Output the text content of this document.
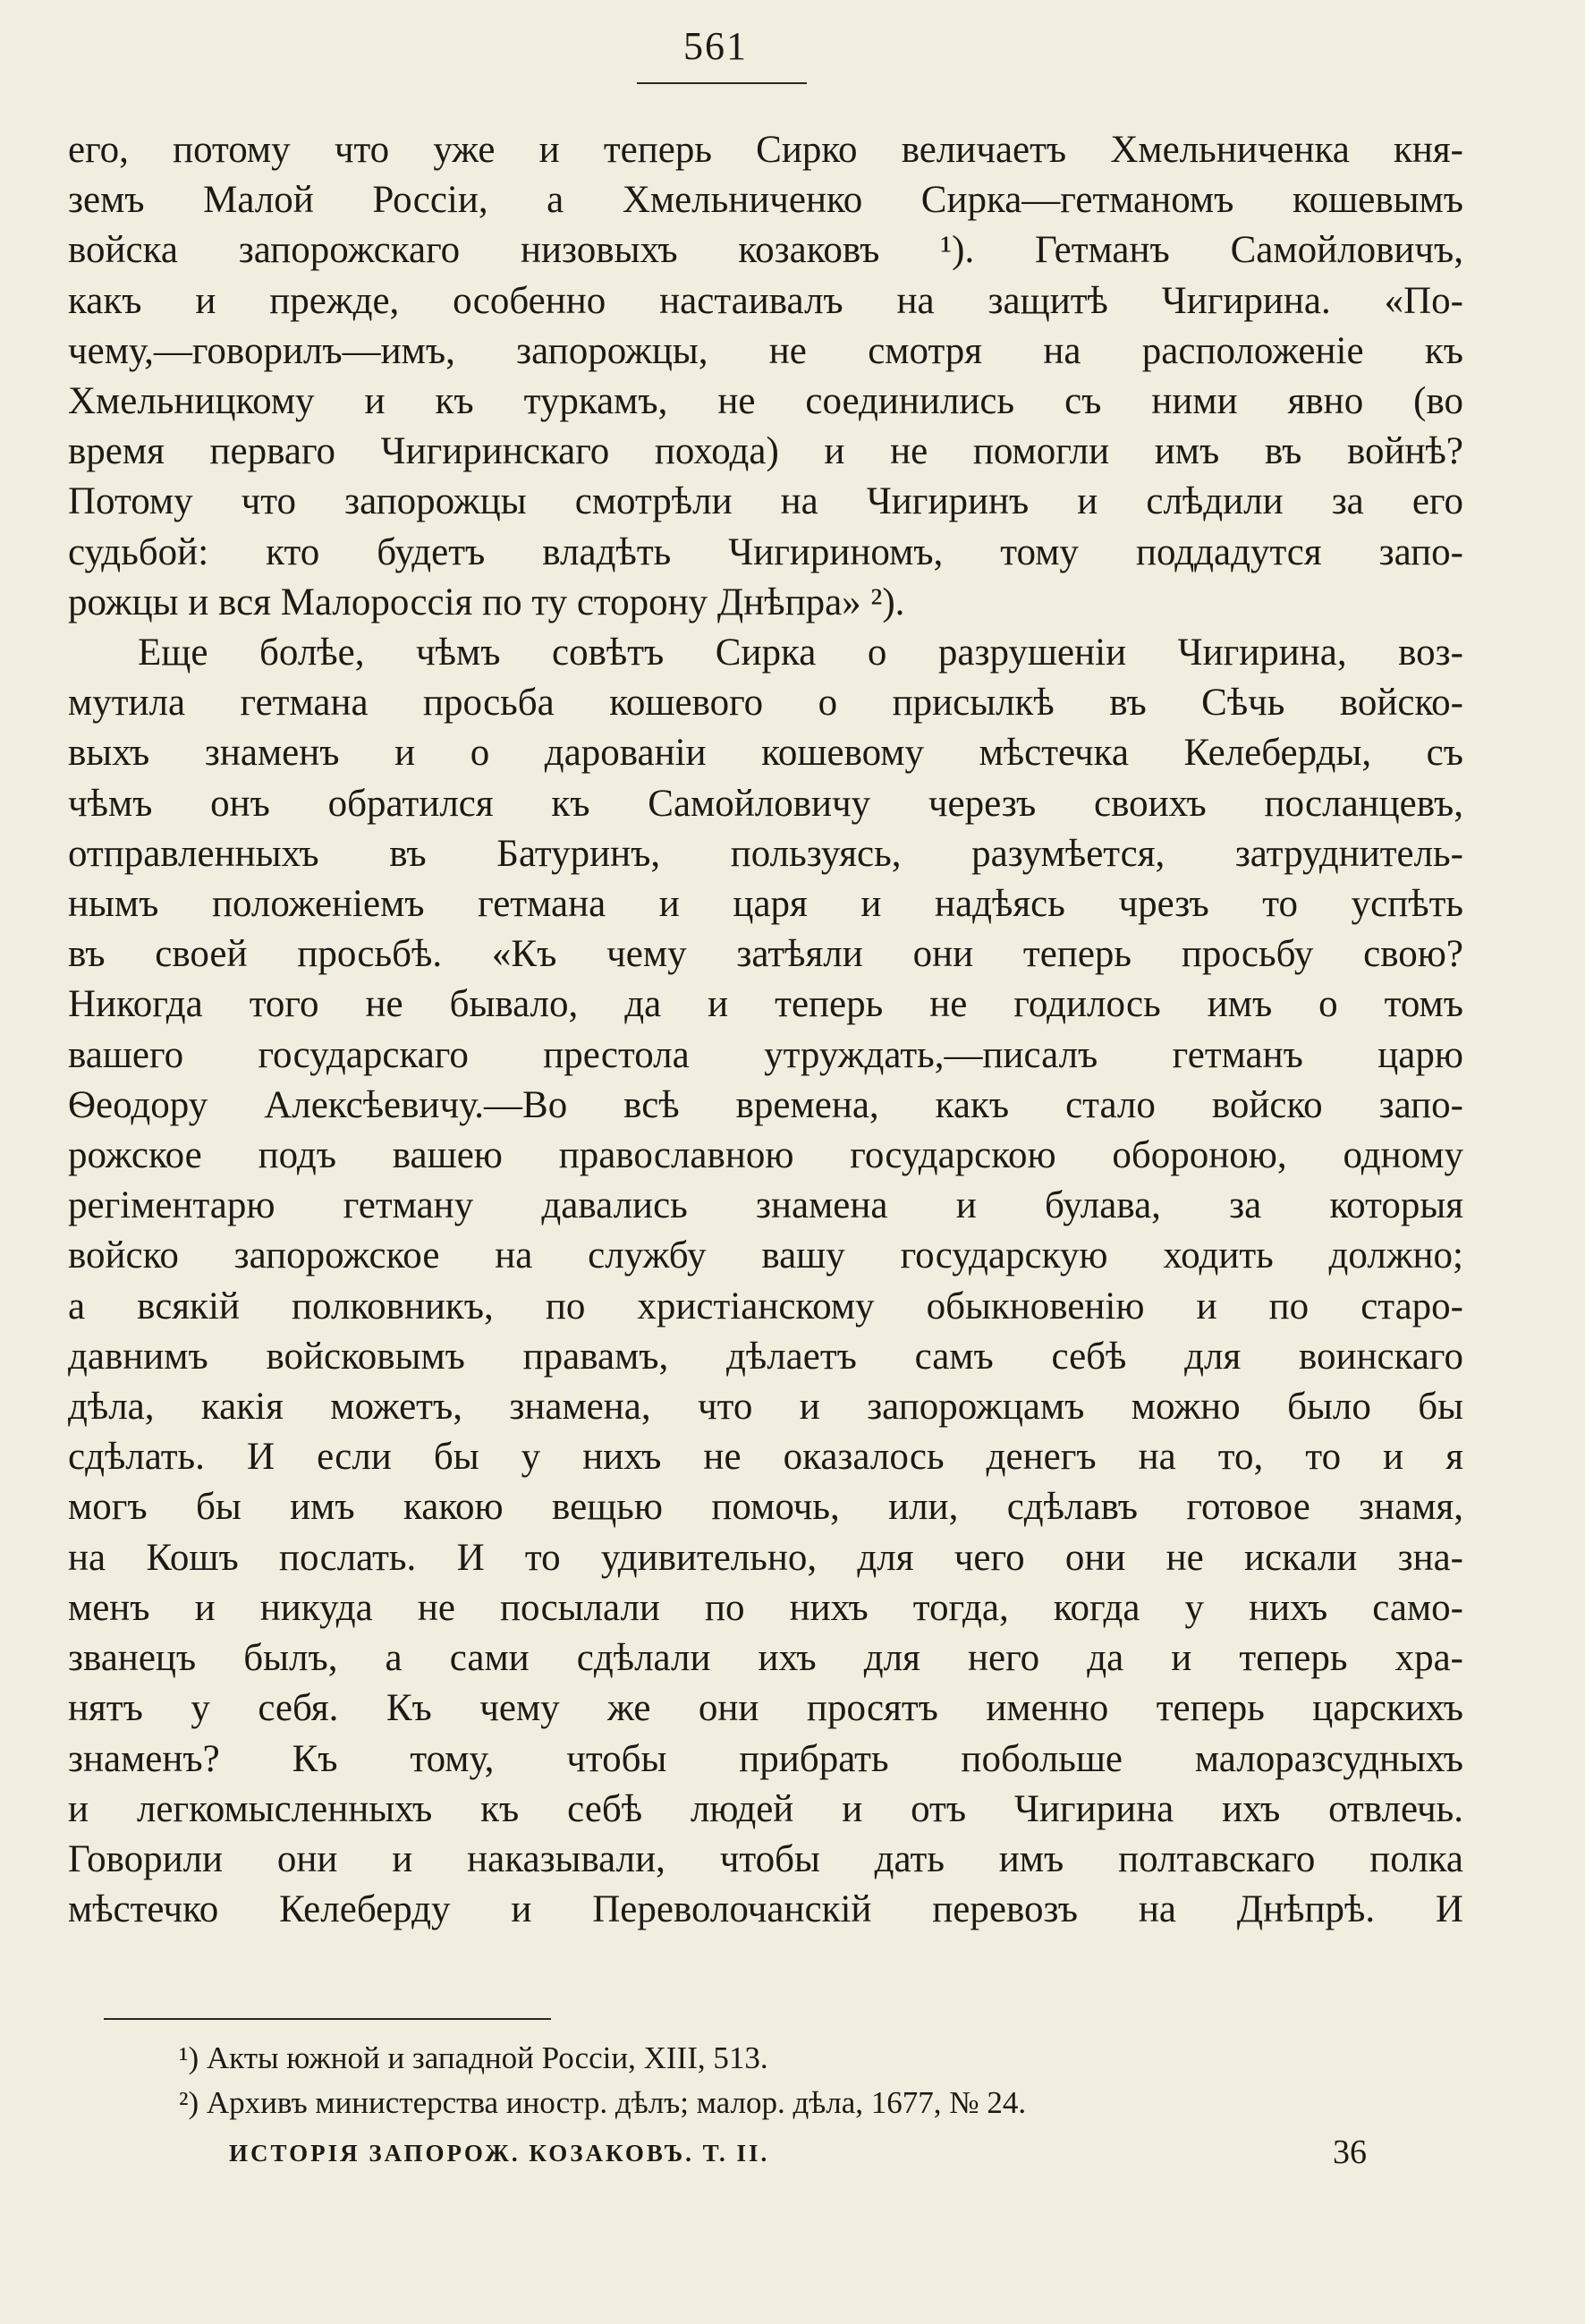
561
его, потому что уже и теперь Сирко величаетъ Хмельниченка кня-
земъ Малой Россіи, а Хмельниченко Сирка—гетманомъ кошевымъ
войска запорожскаго низовыхъ козаковъ ¹). Гетманъ Самойловичъ,
какъ и прежде, особенно настаивалъ на защитѣ Чигирина. «По-
чему,—говорилъ—имъ, запорожцы, не смотря на расположеніе къ
Хмельницкому и къ туркамъ, не соединились съ ними явно (во
время перваго Чигиринскаго похода) и не помогли имъ въ войнѣ?
Потому что запорожцы смотрѣли на Чигиринъ и слѣдили за его
судьбой: кто будетъ владѣть Чигириномъ, тому поддадутся запо-
рожцы и вся Малороссія по ту сторону Днѣпра» ²).
Еще болѣе, чѣмъ совѣтъ Сирка о разрушеніи Чигирина, воз-
мутила гетмана просьба кошевого о присылкѣ въ Сѣчь войско-
выхъ знаменъ и о дарованіи кошевому мѣстечка Келеберды, съ
чѣмъ онъ обратился къ Самойловичу черезъ своихъ посланцевъ,
отправленныхъ въ Батуринъ, пользуясь, разумѣется, затруднитель-
нымъ положеніемъ гетмана и царя и надѣясь чрезъ то успѣть
въ своей просьбѣ. «Къ чему затѣяли они теперь просьбу свою?
Никогда того не бывало, да и теперь не годилось имъ о томъ
вашего государскаго престола утруждать,—писалъ гетманъ царю
Ѳеодору Алексѣевичу.—Во всѣ времена, какъ стало войско запо-
рожское подъ вашею православною государскою обороною, одному
регіментарю гетману давались знамена и булава, за которыя
войско запорожское на службу вашу государскую ходить должно;
а всякій полковникъ, по христіанскому обыкновенію и по старо-
давнимъ войсковымъ правамъ, дѣлаетъ самъ себѣ для воинскаго
дѣла, какія можетъ, знамена, что и запорожцамъ можно было бы
сдѣлать. И если бы у нихъ не оказалось денегъ на то, то и я
могъ бы имъ какою вещью помочь, или, сдѣлавъ готовое знамя,
на Кошъ послать. И то удивительно, для чего они не искали зна-
менъ и никуда не посылали по нихъ тогда, когда у нихъ само-
званецъ былъ, а сами сдѣлали ихъ для него да и теперь хра-
нятъ у себя. Къ чему же они просятъ именно теперь царскихъ
знаменъ? Къ тому, чтобы прибрать побольше малоразсудныхъ
и легкомысленныхъ къ себѣ людей и отъ Чигирина ихъ отвлечь.
Говорили они и наказывали, чтобы дать имъ полтавскаго полка
мѣстечко Келеберду и Переволочанскій перевозъ на Днѣпрѣ. И
¹) Акты южной и западной Россіи, XIII, 513.
²) Архивъ министерства иностр. дѣлъ; малор. дѣла, 1677, № 24.
ИСТОРІЯ ЗАПОРОЖ. КОЗАКОВЪ. Т. II.	36
